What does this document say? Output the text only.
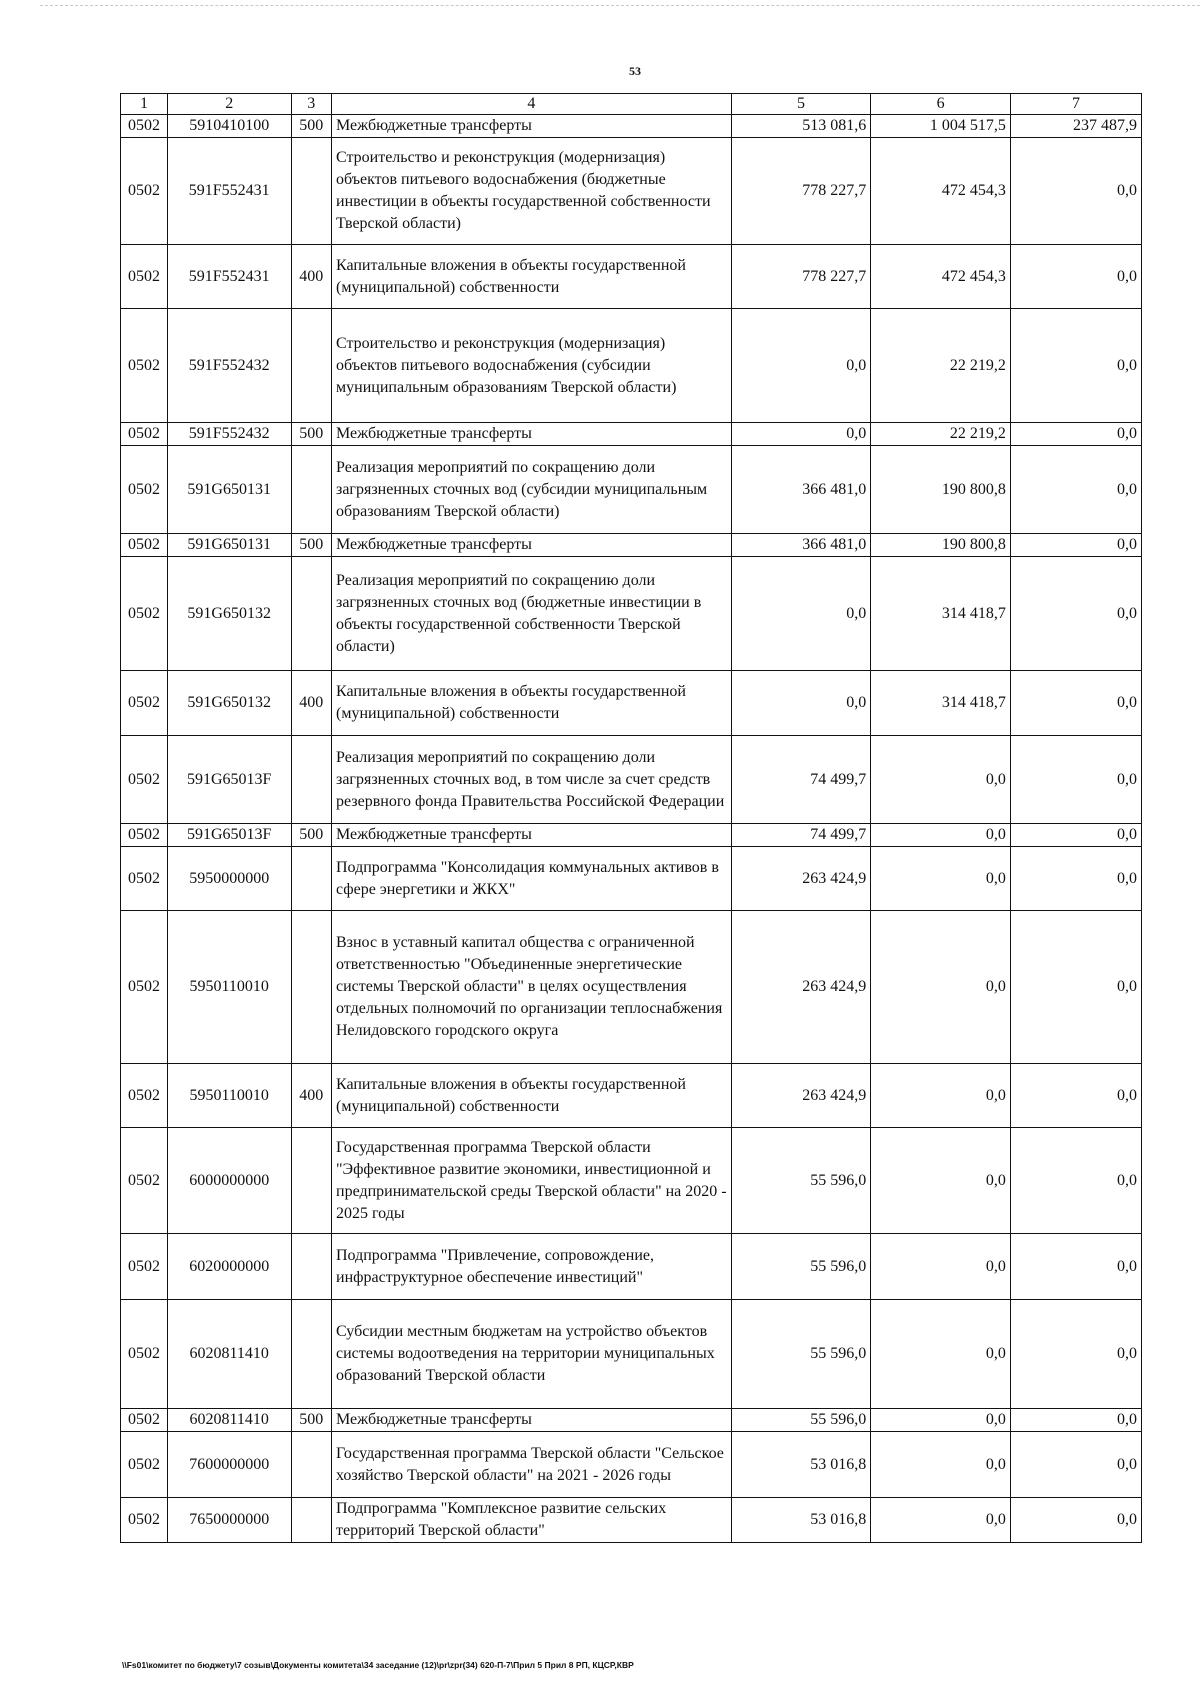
53
1	2	3	4	5	6	7
0502	5910410100	500	Межбюджетные трансферты	513 081,6	1 004 517,5	237 487,9
0502	591F552431		Строительство и реконструкция (модернизация) объектов питьевого водоснабжения (бюджетные инвестиции в объекты государственной собственности Тверской области)	778 227,7	472 454,3	0,0
0502	591F552431	400	Капитальные вложения в объекты государственной (муниципальной) собственности	778 227,7	472 454,3	0,0
0502	591F552432		Строительство и реконструкция (модернизация) объектов питьевого водоснабжения (субсидии муниципальным образованиям Тверской области)	0,0	22 219,2	0,0
0502	591F552432	500	Межбюджетные трансферты	0,0	22 219,2	0,0
0502	591G650131		Реализация мероприятий по сокращению доли загрязненных сточных вод (субсидии муниципальным образованиям Тверской области)	366 481,0	190 800,8	0,0
0502	591G650131	500	Межбюджетные трансферты	366 481,0	190 800,8	0,0
0502	591G650132		Реализация мероприятий по сокращению доли загрязненных сточных вод (бюджетные инвестиции в объекты государственной собственности Тверской области)	0,0	314 418,7	0,0
0502	591G650132	400	Капитальные вложения в объекты государственной (муниципальной) собственности	0,0	314 418,7	0,0
0502	591G65013F		Реализация мероприятий по сокращению доли загрязненных сточных вод, в том числе за счет средств резервного фонда Правительства Российской Федерации	74 499,7	0,0	0,0
0502	591G65013F	500	Межбюджетные трансферты	74 499,7	0,0	0,0
0502	5950000000		Подпрограмма "Консолидация коммунальных активов в сфере энергетики и ЖКХ"	263 424,9	0,0	0,0
0502	5950110010		Взнос в уставный капитал общества с ограниченной ответственностью "Объединенные энергетические системы Тверской области" в целях осуществления отдельных полномочий по организации теплоснабжения Нелидовского городского округа	263 424,9	0,0	0,0
0502	5950110010	400	Капитальные вложения в объекты государственной (муниципальной) собственности	263 424,9	0,0	0,0
0502	6000000000		Государственная программа Тверской области "Эффективное развитие экономики, инвестиционной и предпринимательской среды Тверской области" на 2020 - 2025 годы	55 596,0	0,0	0,0
0502	6020000000		Подпрограмма "Привлечение, сопровождение, инфраструктурное обеспечение инвестиций"	55 596,0	0,0	0,0
0502	6020811410		Субсидии местным бюджетам на устройство объектов системы водоотведения на территории муниципальных образований Тверской области	55 596,0	0,0	0,0
0502	6020811410	500	Межбюджетные трансферты	55 596,0	0,0	0,0
0502	7600000000		Государственная программа Тверской области "Сельское хозяйство Тверской области" на 2021 - 2026 годы	53 016,8	0,0	0,0
0502	7650000000		Подпрограмма "Комплексное развитие сельских территорий Тверской области"	53 016,8	0,0	0,0
\\Fs01\комитет по бюджету\7 созыв\Документы комитета\34 заседание (12)\pr\zpr(34) 620-П-7\Прил 5 Прил 8 РП, КЦСР,КВР
